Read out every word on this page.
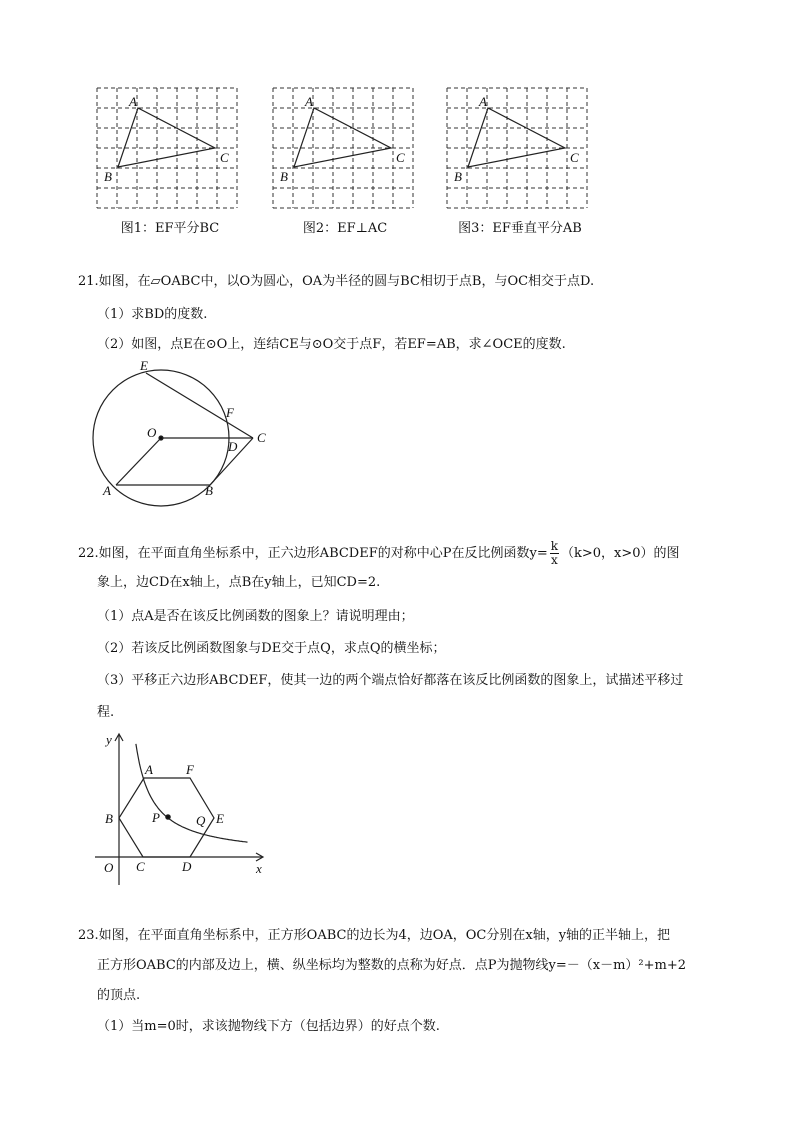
A
B
C
A
B
C
A
B
C
E
F
O	C
D
A	B
y
x
O
A	F
B	P	Q E
C	D
图1：EF平分BC	图2：EF⊥AC	图3：EF垂直平分AB
21.如图，在▱OABC中，以O为圆心，OA为半径的圆与BC相切于点B，与OC相交于点D.
（1）求BD的度数.
（2）如图，点E在⊙O上，连结CE与⊙O交于点F，若EF=AB，求∠OCE的度数.
22.如图，在平面直角坐标系中，正六边形ABCDEF的对称中心P在反比例函数$y= \frac{k}{x} (k>0$，x>0）的图
象上，边CD在x轴上，点B在y轴上，已知CD=2.
（1）点A是否在该反比例函数的图象上？请说明理由；
（2）若该反比例函数图象与DE交于点Q，求点Q的横坐标；
（3）平移正六边形ABCDEF，使其一边的两个端点恰好都落在该反比例函数的图象上，试描述平移过
程.
23.如图，在平面直角坐标系中，正方形OABC的边长为4，边OA，OC分别在x轴，y轴的正半轴上，把
正方形OABC的内部及边上，横、纵坐标均为整数的点称为好点．点P为抛物线y=－（x－m）²+m+2
的顶点.
（1）当m=0时，求该抛物线下方（包括边界）的好点个数.
